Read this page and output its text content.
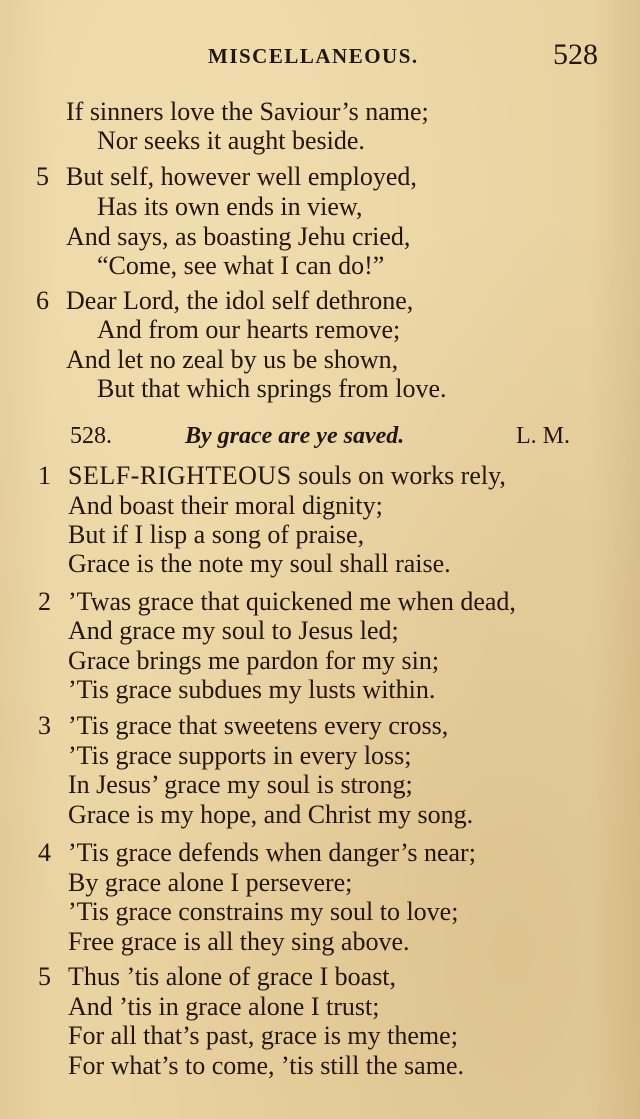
MISCELLANEOUS.	528
If sinners love the Saviour’s name;
Nor seeks it aught beside.
5 But self, however well employed,
Has its own ends in view,
And says, as boasting Jehu cried,
“Come, see what I can do!”
6 Dear Lord, the idol self dethrone,
And from our hearts remove;
And let no zeal by us be shown,
But that which springs from love.
528.	By grace are ye saved.	L. M.
1 SELF-RIGHTEOUS souls on works rely,
And boast their moral dignity;
But if I lisp a song of praise,
Grace is the note my soul shall raise.
2 ’Twas grace that quickened me when dead,
And grace my soul to Jesus led;
Grace brings me pardon for my sin;
’Tis grace subdues my lusts within.
3 ’Tis grace that sweetens every cross,
’Tis grace supports in every loss;
In Jesus’ grace my soul is strong;
Grace is my hope, and Christ my song.
4 ’Tis grace defends when danger’s near;
By grace alone I persevere;
’Tis grace constrains my soul to love;
Free grace is all they sing above.
5 Thus ’tis alone of grace I boast,
And ’tis in grace alone I trust;
For all that’s past, grace is my theme;
For what’s to come, ’tis still the same.
